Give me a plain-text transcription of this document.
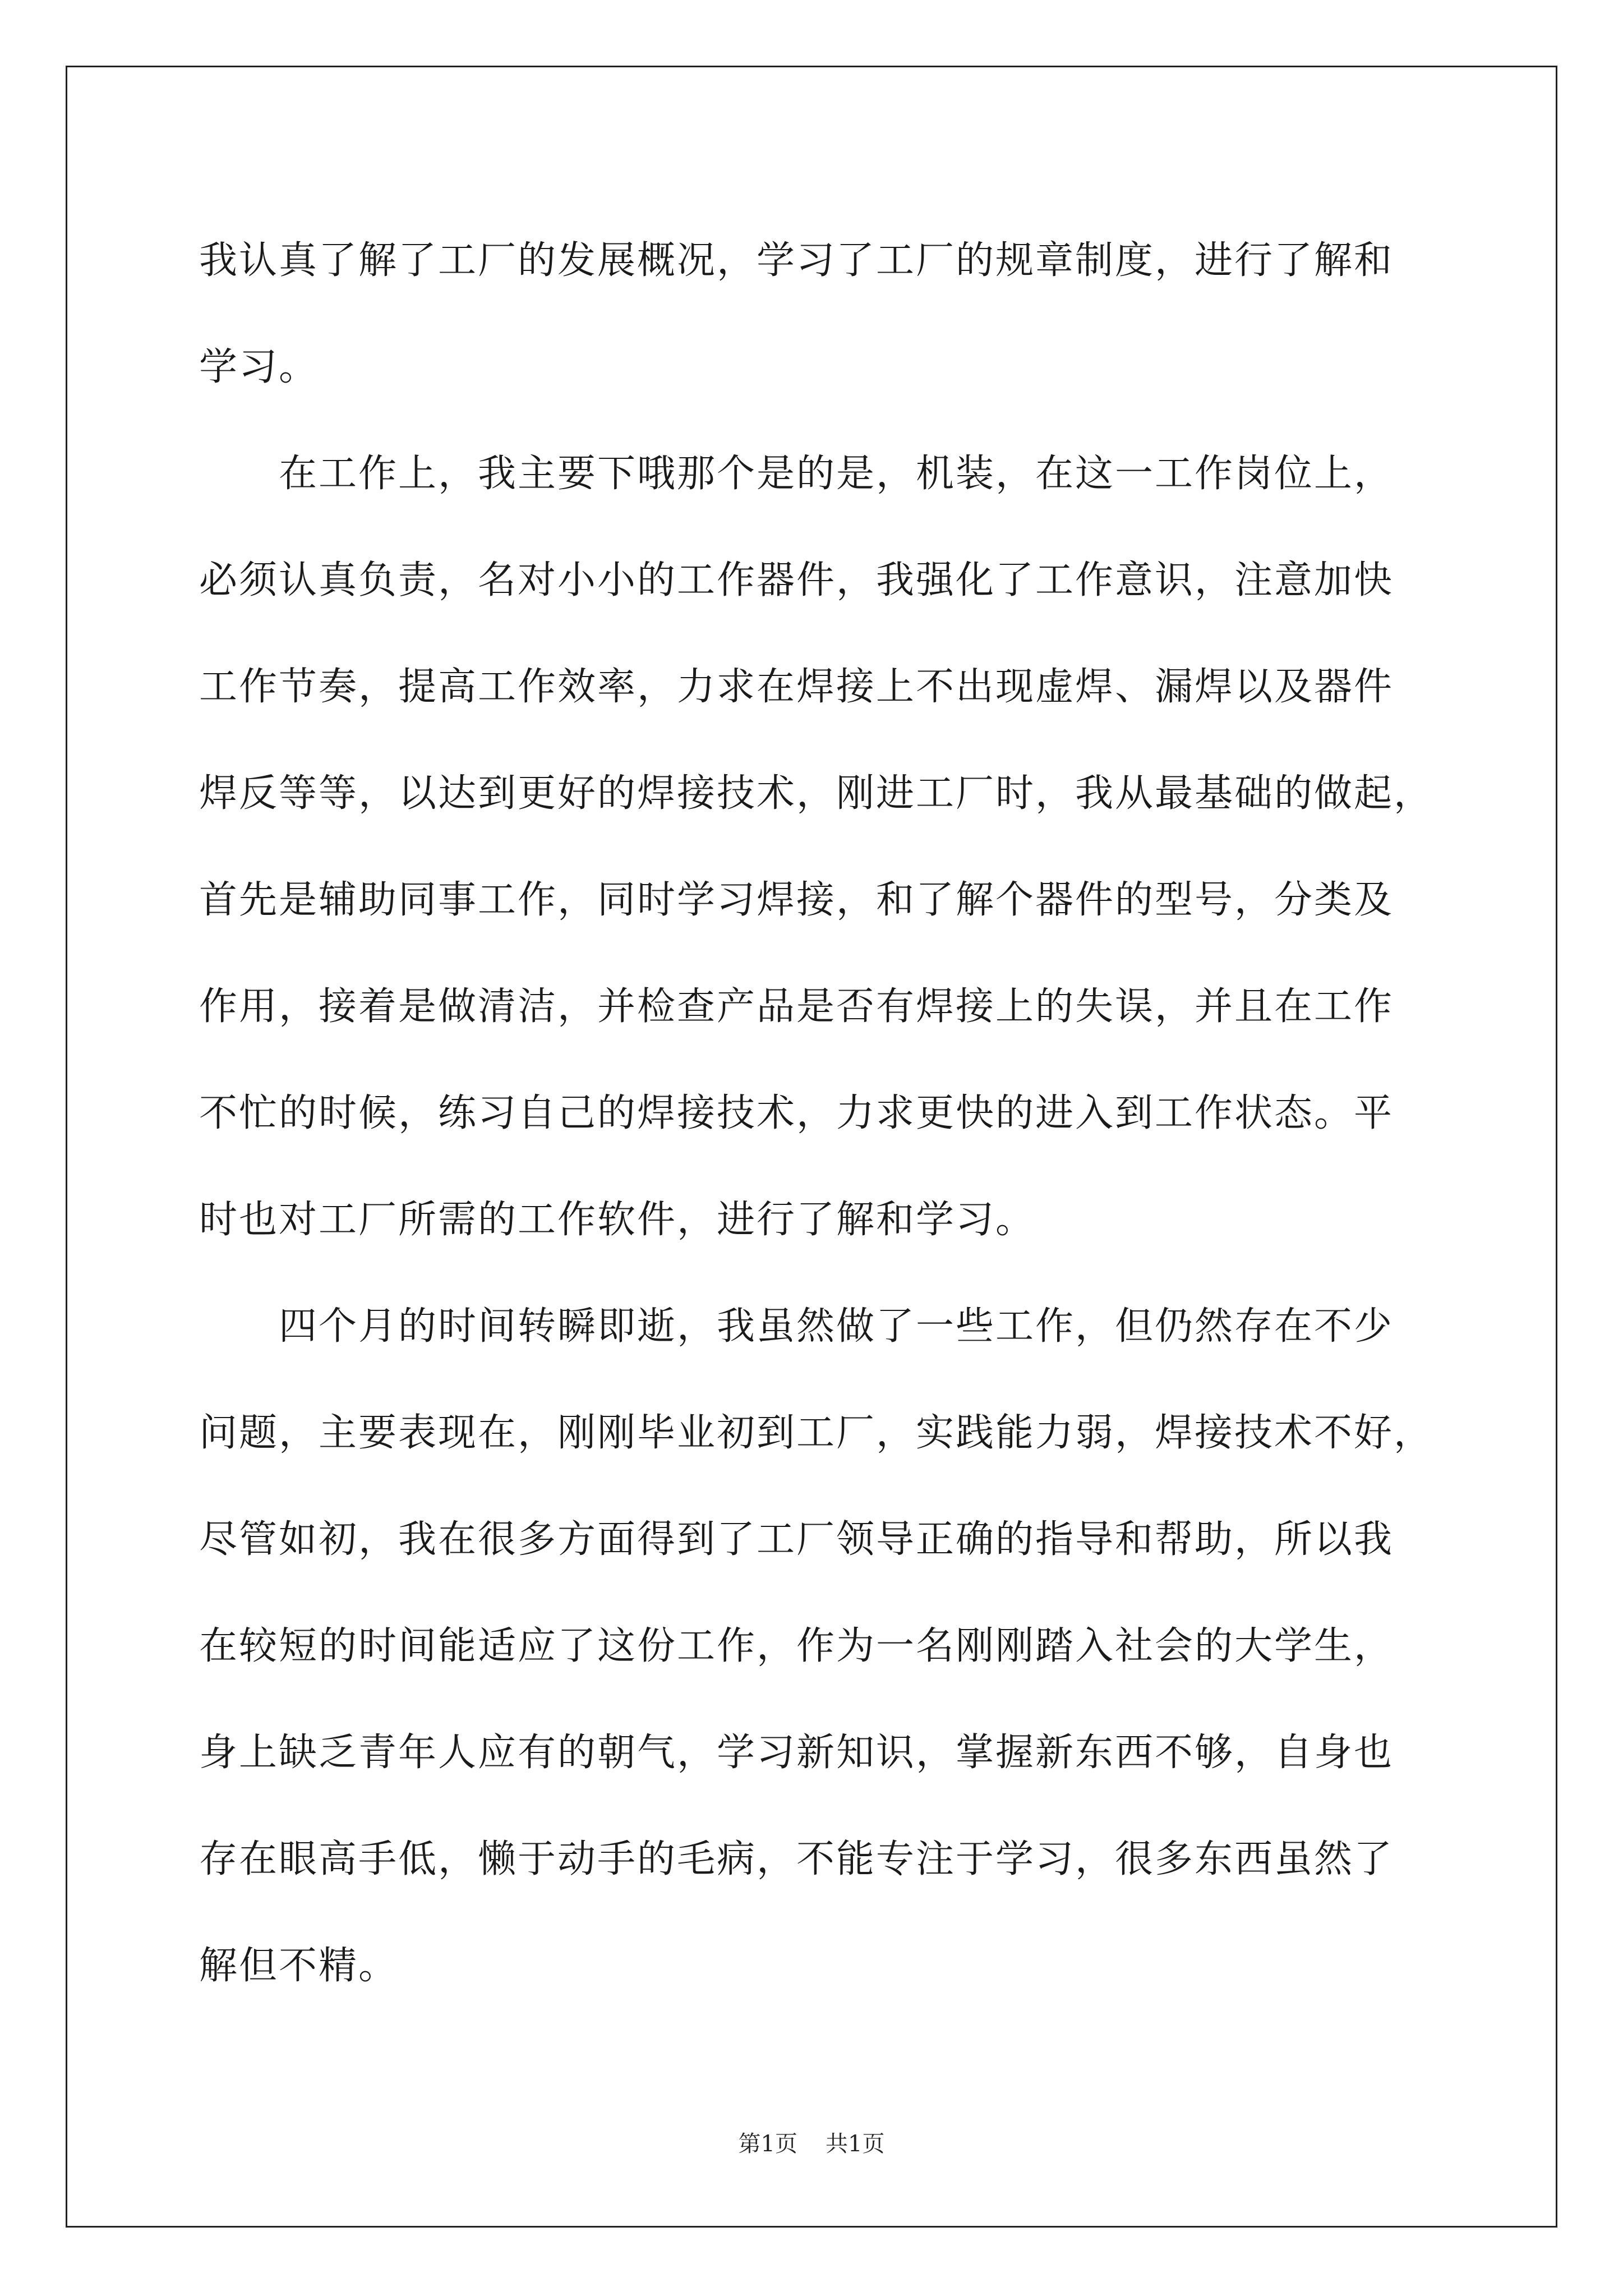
我认真了解了工厂的发展概况，学习了工厂的规章制度，进行了解和
学习。
在工作上，我主要下哦那个是的是，机装，在这一工作岗位上，
必须认真负责，名对小小的工作器件，我强化了工作意识，注意加快
工作节奏，提高工作效率，力求在焊接上不出现虚焊、漏焊以及器件
焊反等等，以达到更好的焊接技术，刚进工厂时，我从最基础的做起，
首先是辅助同事工作，同时学习焊接，和了解个器件的型号，分类及
作用，接着是做清洁，并检查产品是否有焊接上的失误，并且在工作
不忙的时候，练习自己的焊接技术，力求更快的进入到工作状态。平
时也对工厂所需的工作软件，进行了解和学习。
四个月的时间转瞬即逝，我虽然做了一些工作，但仍然存在不少
问题，主要表现在，刚刚毕业初到工厂，实践能力弱，焊接技术不好，
尽管如初，我在很多方面得到了工厂领导正确的指导和帮助，所以我
在较短的时间能适应了这份工作，作为一名刚刚踏入社会的大学生，
身上缺乏青年人应有的朝气，学习新知识，掌握新东西不够，自身也
存在眼高手低，懒于动手的毛病，不能专注于学习，很多东西虽然了
解但不精。
第1页 共1页
